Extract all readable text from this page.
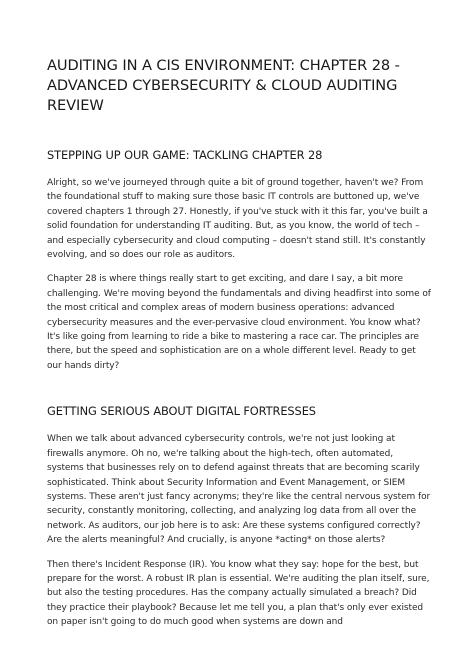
AUDITING IN A CIS ENVIRONMENT: CHAPTER 28 - ADVANCED CYBERSECURITY & CLOUD AUDITING REVIEW
STEPPING UP OUR GAME: TACKLING CHAPTER 28

Alright, so we've journeyed through quite a bit of ground together, haven't we? From the foundational stuff to making sure those basic IT controls are buttoned up, we've covered chapters 1 through 27. Honestly, if you've stuck with it this far, you've built a solid foundation for understanding IT auditing. But, as you know, the world of tech – and especially cybersecurity and cloud computing – doesn't stand still. It's constantly evolving, and so does our role as auditors.

Chapter 28 is where things really start to get exciting, and dare I say, a bit more challenging. We're moving beyond the fundamentals and diving headfirst into some of the most critical and complex areas of modern business operations: advanced cybersecurity measures and the ever-pervasive cloud environment. You know what? It's like going from learning to ride a bike to mastering a race car. The principles are there, but the speed and sophistication are on a whole different level. Ready to get our hands dirty?

GETTING SERIOUS ABOUT DIGITAL FORTRESSES

When we talk about advanced cybersecurity controls, we're not just looking at firewalls anymore. Oh no, we're talking about the high-tech, often automated, systems that businesses rely on to defend against threats that are becoming scarily sophisticated. Think about Security Information and Event Management, or SIEM systems. These aren't just fancy acronyms; they're like the central nervous system for security, constantly monitoring, collecting, and analyzing log data from all over the network. As auditors, our job here is to ask: Are these systems configured correctly? Are the alerts meaningful? And crucially, is anyone *acting* on those alerts?

Then there's Incident Response (IR). You know what they say: hope for the best, but prepare for the worst. A robust IR plan is essential. We're auditing the plan itself, sure, but also the testing procedures. Has the company actually simulated a breach? Did they practice their playbook? Because let me tell you, a plan that's only ever existed on paper isn't going to do much good when systems are down and
